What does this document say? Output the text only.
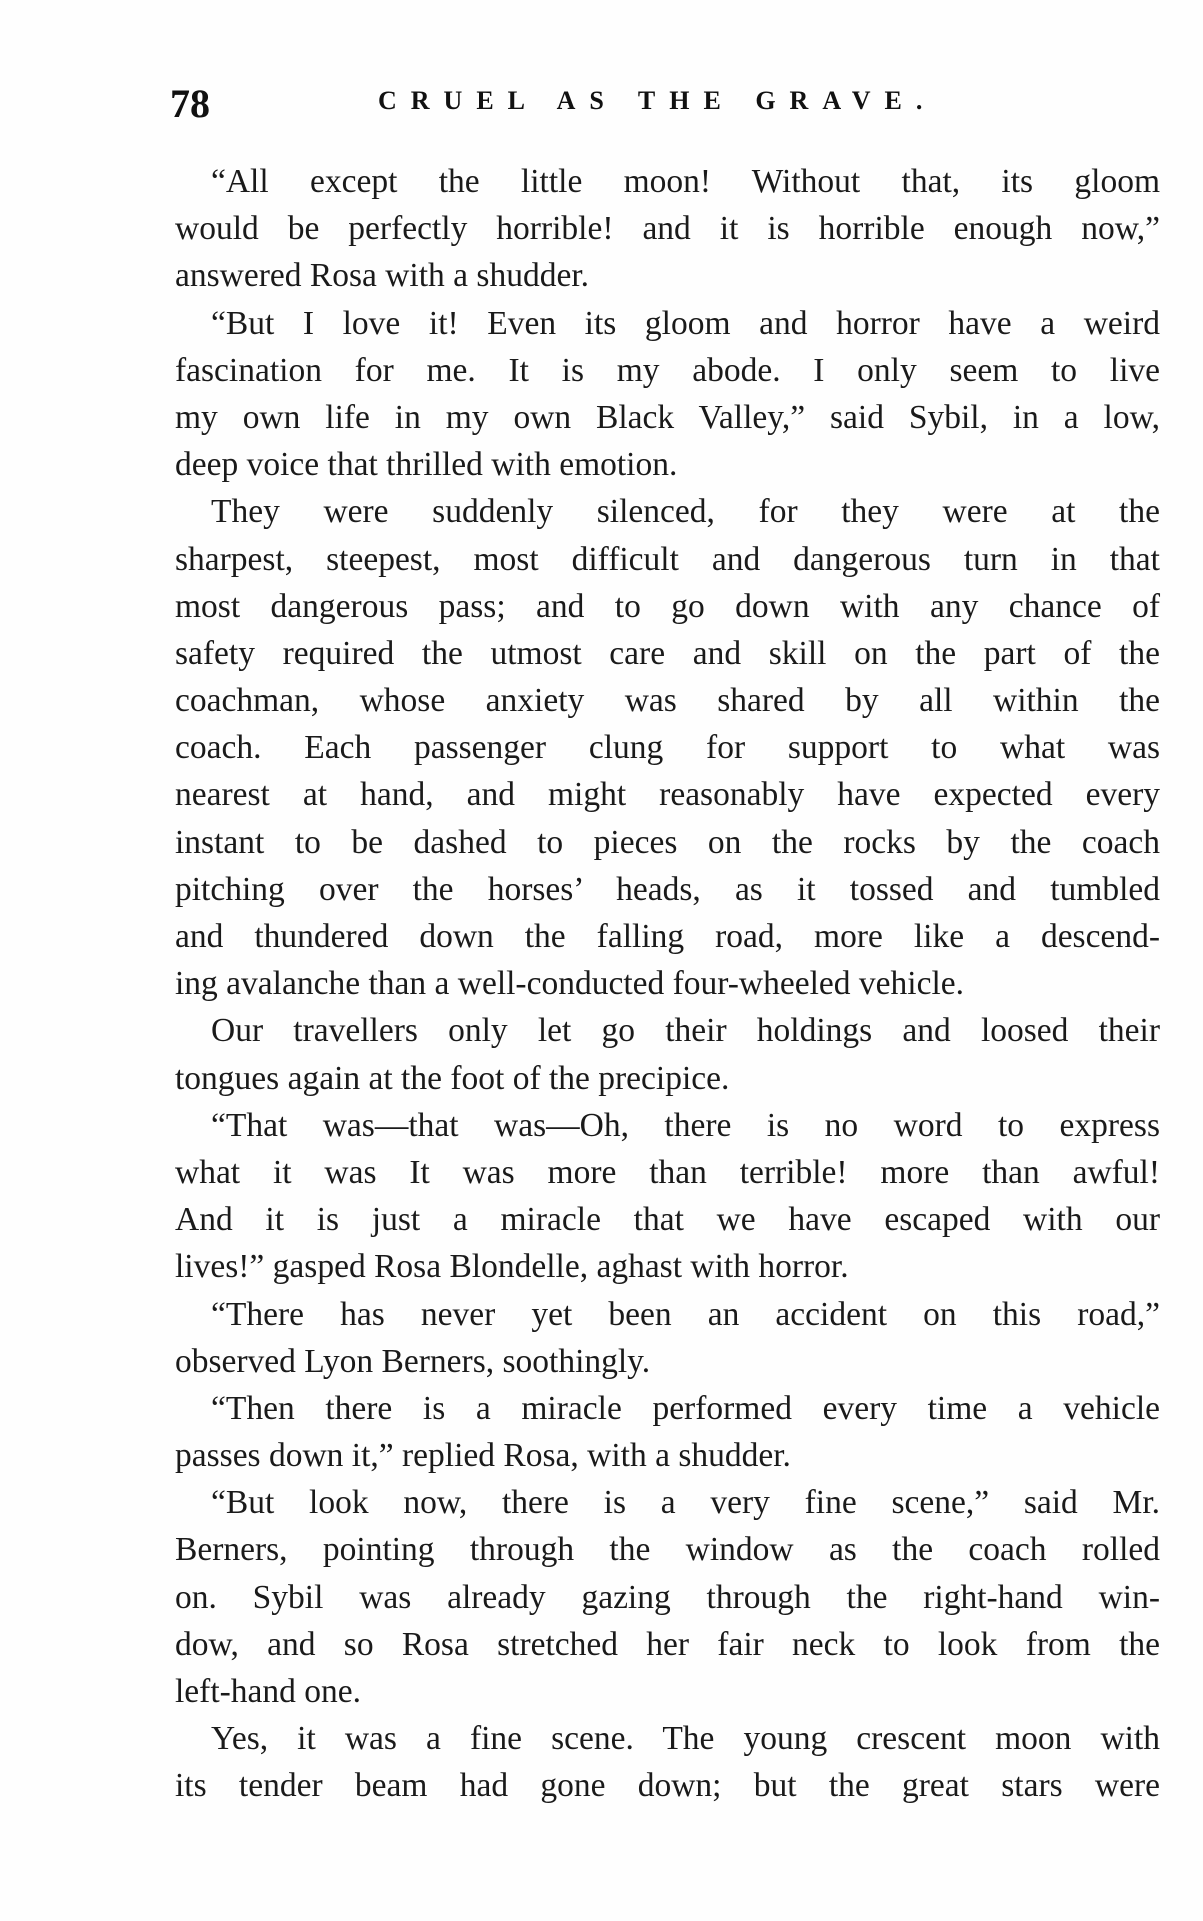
78	CRUEL AS THE GRAVE.
“All except the little moon! Without that, its gloom
would be perfectly horrible! and it is horrible enough now,”
answered Rosa with a shudder.
“But I love it! Even its gloom and horror have a weird
fascination for me. It is my abode. I only seem to live
my own life in my own Black Valley,” said Sybil, in a low,
deep voice that thrilled with emotion.
They were suddenly silenced, for they were at the
sharpest, steepest, most difficult and dangerous turn in that
most dangerous pass; and to go down with any chance of
safety required the utmost care and skill on the part of the
coachman, whose anxiety was shared by all within the
coach. Each passenger clung for support to what was
nearest at hand, and might reasonably have expected every
instant to be dashed to pieces on the rocks by the coach
pitching over the horses’ heads, as it tossed and tumbled
and thundered down the falling road, more like a descend-
ing avalanche than a well-conducted four-wheeled vehicle.
Our travellers only let go their holdings and loosed their
tongues again at the foot of the precipice.
“That was—that was—Oh, there is no word to express
what it was It was more than terrible! more than awful!
And it is just a miracle that we have escaped with our
lives!” gasped Rosa Blondelle, aghast with horror.
“There has never yet been an accident on this road,”
observed Lyon Berners, soothingly.
“Then there is a miracle performed every time a vehicle
passes down it,” replied Rosa, with a shudder.
“But look now, there is a very fine scene,” said Mr.
Berners, pointing through the window as the coach rolled
on. Sybil was already gazing through the right-hand win-
dow, and so Rosa stretched her fair neck to look from the
left-hand one.
Yes, it was a fine scene. The young crescent moon with
its tender beam had gone down; but the great stars were
